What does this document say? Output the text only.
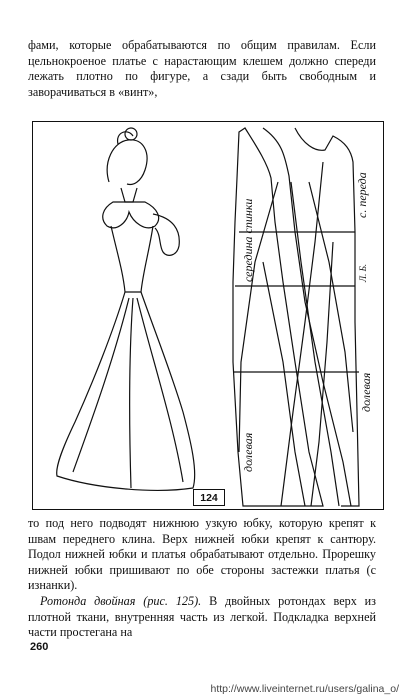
фами, которые обрабатываются по общим правилам. Если цельнокроеное платье с нарастающим клешем должно спереди лежать плотно по фигуре, а сзади быть свободным и заворачиваться в «винт»,

середина спинки
с. переда
долевая
долевая
Л. Б.
124

то под него подводят нижнюю узкую юбку, которую крепят к швам переднего клина. Верх нижней юбки крепят к сантюру. Подол нижней юбки и платья обрабатывают отдельно. Прорешку нижней юбки пришивают по обе стороны застежки платья (с изнанки).

Ротонда двойная (рис. 125). В двойных ротондах верх из плотной ткани, внутренняя часть из легкой. Подкладка верхней части простегана на

260
http://www.liveinternet.ru/users/galina_o/
